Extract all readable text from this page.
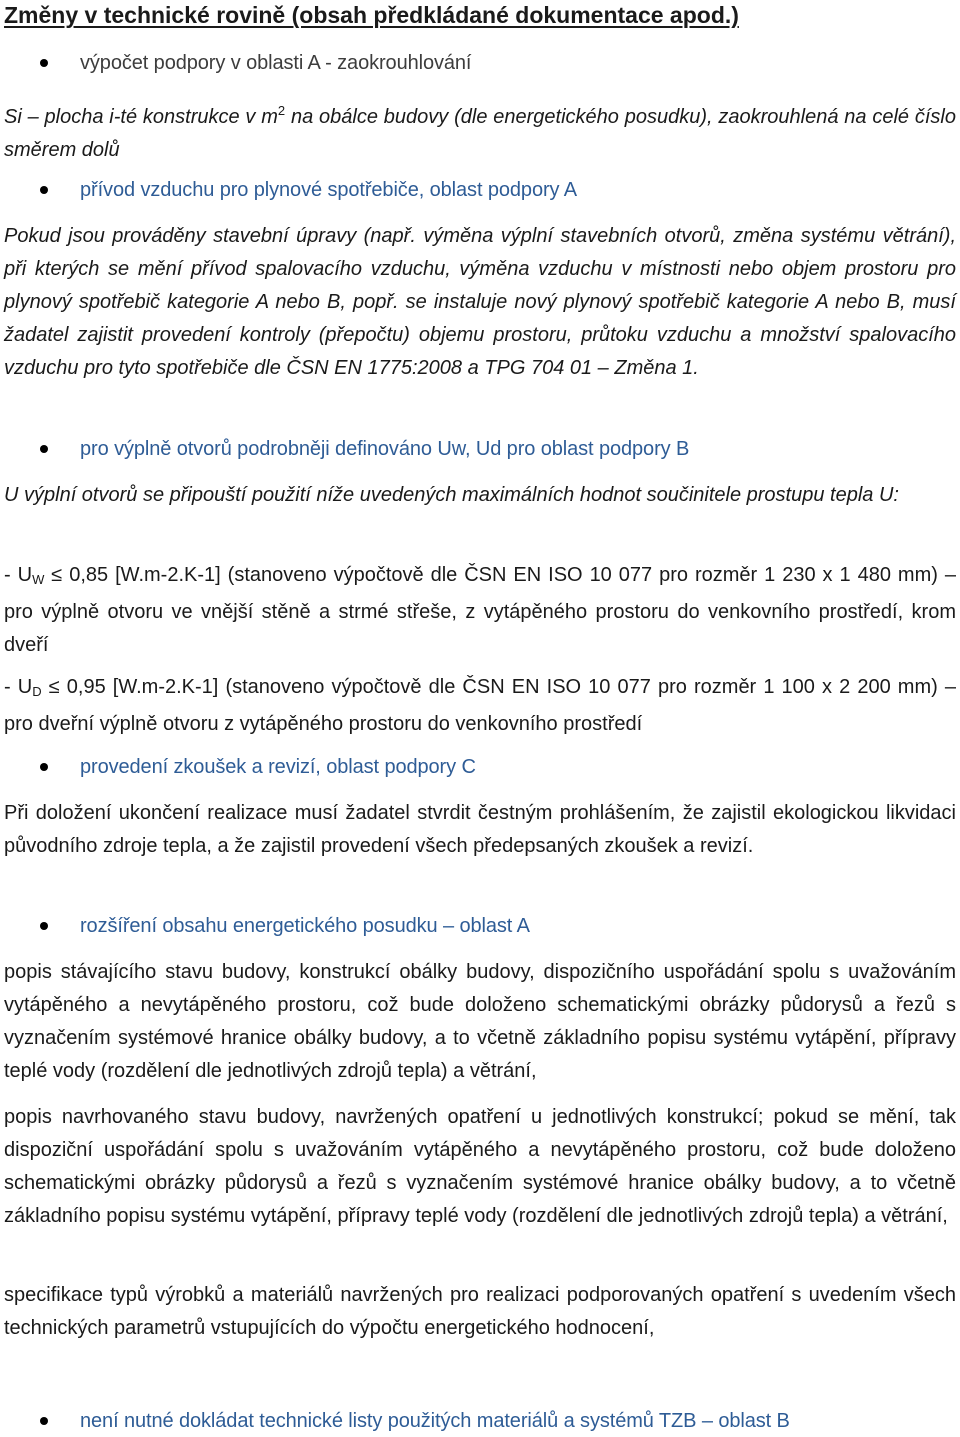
Změny v technické rovině (obsah předkládané dokumentace apod.)
výpočet podpory v oblasti A - zaokrouhlování

Si – plocha i-té konstrukce v $m^2$ na obálce budovy (dle energetického posudku), zaokrouhlená na celé číslo směrem dolů

přívod vzduchu pro plynové spotřebiče, oblast podpory A

Pokud jsou prováděny stavební úpravy (např. výměna výplní stavebních otvorů, změna systému větrání), při kterých se mění přívod spalovacího vzduchu, výměna vzduchu v místnosti nebo objem prostoru pro plynový spotřebič kategorie A nebo B, popř. se instaluje nový plynový spotřebič kategorie A nebo B, musí žadatel zajistit provedení kontroly (přepočtu) objemu prostoru, průtoku vzduchu a množství spalovacího vzduchu pro tyto spotřebiče dle ČSN EN 1775:2008 a TPG 704 01 – Změna 1.

pro výplně otvorů podrobněji definováno Uw, Ud pro oblast podpory B

U výplní otvorů se připouští použití níže uvedených maximálních hodnot součinitele prostupu tepla U:

- $U_W \le 0,85$ [W.m-2.K-1] (stanoveno výpočtově dle ČSN EN ISO 10 077 pro rozměr 1 230 x 1 480 mm) – pro výplně otvoru ve vnější stěně a strmé střeše, z vytápěného prostoru do venkovního prostředí, krom dveří

- $U_D \le 0,95$ [W.m-2.K-1] (stanoveno výpočtově dle ČSN EN ISO 10 077 pro rozměr 1 100 x 2 200 mm) – pro dveřní výplně otvoru z vytápěného prostoru do venkovního prostředí

provedení zkoušek a revizí, oblast podpory C

Při doložení ukončení realizace musí žadatel stvrdit čestným prohlášením, že zajistil ekologickou likvidaci původního zdroje tepla, a že zajistil provedení všech předepsaných zkoušek a revizí.

rozšíření obsahu energetického posudku – oblast A

popis stávajícího stavu budovy, konstrukcí obálky budovy, dispozičního uspořádání spolu s uvažováním vytápěného a nevytápěného prostoru, což bude doloženo schematickými obrázky půdorysů a řezů s vyznačením systémové hranice obálky budovy, a to včetně základního popisu systému vytápění, přípravy teplé vody (rozdělení dle jednotlivých zdrojů tepla) a větrání,

popis navrhovaného stavu budovy, navržených opatření u jednotlivých konstrukcí; pokud se mění, tak dispoziční uspořádání spolu s uvažováním vytápěného a nevytápěného prostoru, což bude doloženo schematickými obrázky půdorysů a řezů s vyznačením systémové hranice obálky budovy, a to včetně základního popisu systému vytápění, přípravy teplé vody (rozdělení dle jednotlivých zdrojů tepla) a větrání,

specifikace typů výrobků a materiálů navržených pro realizaci podporovaných opatření s uvedením všech technických parametrů vstupujících do výpočtu energetického hodnocení,

není nutné dokládat technické listy použitých materiálů a systémů TZB – oblast B
